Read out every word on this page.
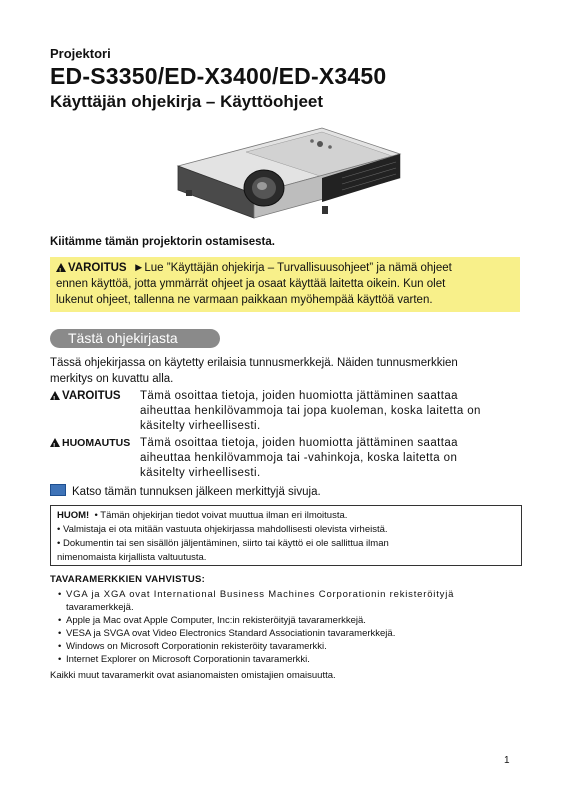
Projektori
ED-S3350/ED-X3400/ED-X3450
Käyttäjän ohjekirja – Käyttöohjeet
Kiitämme tämän projektorin ostamisesta.
!VAROITUS ►Lue ”Käyttäjän ohjekirja – Turvallisuusohjeet” ja nämä ohjeet
ennen käyttöä, jotta ymmärrät ohjeet ja osaat käyttää laitetta oikein. Kun olet
lukenut ohjeet, tallenna ne varmaan paikkaan myöhempää käyttöä varten.
Tästä ohjekirjasta
Tässä ohjekirjassa on käytetty erilaisia tunnusmerkkejä. Näiden tunnusmerkkien
merkitys on kuvattu alla.
!VAROITUS Tämä osoittaa tietoja, joiden huomiotta jättäminen saattaa
aiheuttaa henkilövammoja tai jopa kuoleman, koska laitetta on
käsitelty virheellisesti.
!HUOMAUTUS Tämä osoittaa tietoja, joiden huomiotta jättäminen saattaa
aiheuttaa henkilövammoja tai -vahinkoja, koska laitetta on
käsitelty virheellisesti.
Katso tämän tunnuksen jälkeen merkittyjä sivuja.
HUOM! • Tämän ohjekirjan tiedot voivat muuttua ilman eri ilmoitusta.
• Valmistaja ei ota mitään vastuuta ohjekirjassa mahdollisesti olevista virheistä.
• Dokumentin tai sen sisällön jäljentäminen, siirto tai käyttö ei ole sallittua ilman
nimenomaista kirjallista valtuutusta.
TAVARAMERKKIEN VAHVISTUS:
• VGA ja XGA ovat International Business Machines Corporationin rekisteröityjä
tavaramerkkejä.
• Apple ja Mac ovat Apple Computer, Inc:in rekisteröityjä tavaramerkkejä.
• VESA ja SVGA ovat Video Electronics Standard Associationin tavaramerkkejä.
• Windows on Microsoft Corporationin rekisteröity tavaramerkki.
• Internet Explorer on Microsoft Corporationin tavaramerkki.
Kaikki muut tavaramerkit ovat asianomaisten omistajien omaisuutta.
1
